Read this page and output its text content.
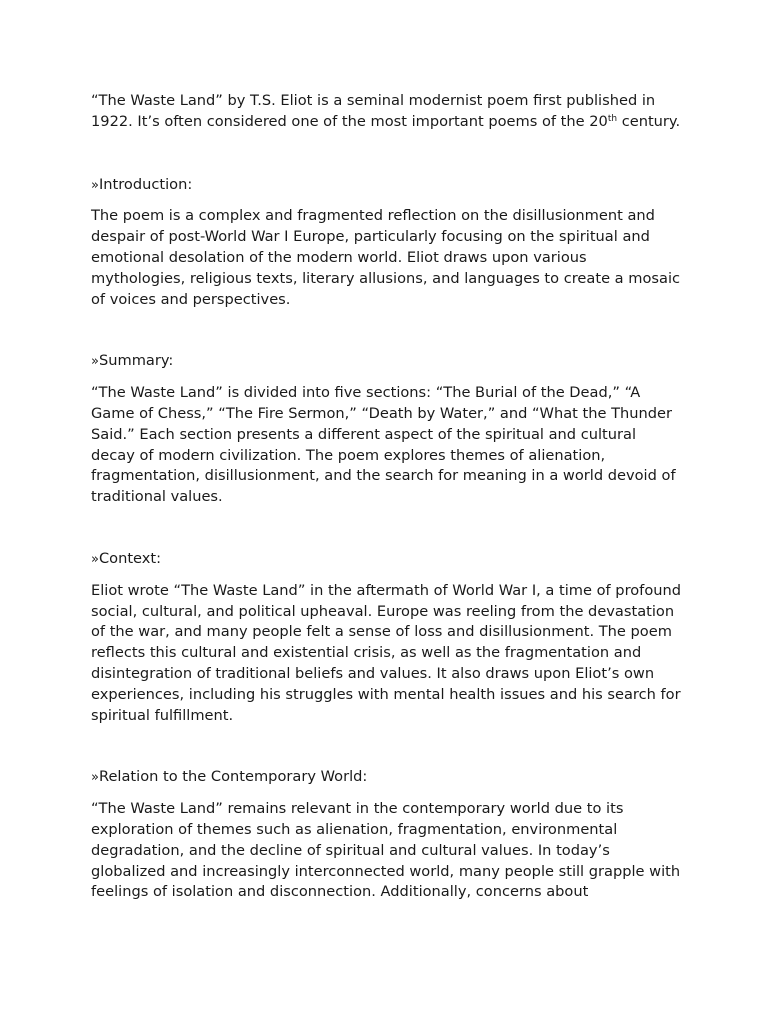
“The Waste Land” by T.S. Eliot is a seminal modernist poem first published in 1922. It’s often considered one of the most important poems of the 20th century.

» Introduction:

The poem is a complex and fragmented reflection on the disillusionment and despair of post-World War I Europe, particularly focusing on the spiritual and emotional desolation of the modern world. Eliot draws upon various mythologies, religious texts, literary allusions, and languages to create a mosaic of voices and perspectives.

» Summary:

“The Waste Land” is divided into five sections: “The Burial of the Dead,” “A Game of Chess,” “The Fire Sermon,” “Death by Water,” and “What the Thunder Said.” Each section presents a different aspect of the spiritual and cultural decay of modern civilization. The poem explores themes of alienation, fragmentation, disillusionment, and the search for meaning in a world devoid of traditional values.

» Context:

Eliot wrote “The Waste Land” in the aftermath of World War I, a time of profound social, cultural, and political upheaval. Europe was reeling from the devastation of the war, and many people felt a sense of loss and disillusionment. The poem reflects this cultural and existential crisis, as well as the fragmentation and disintegration of traditional beliefs and values. It also draws upon Eliot’s own experiences, including his struggles with mental health issues and his search for spiritual fulfillment.

» Relation to the Contemporary World:

“The Waste Land” remains relevant in the contemporary world due to its exploration of themes such as alienation, fragmentation, environmental degradation, and the decline of spiritual and cultural values. In today’s globalized and increasingly interconnected world, many people still grapple with feelings of isolation and disconnection. Additionally, concerns about
